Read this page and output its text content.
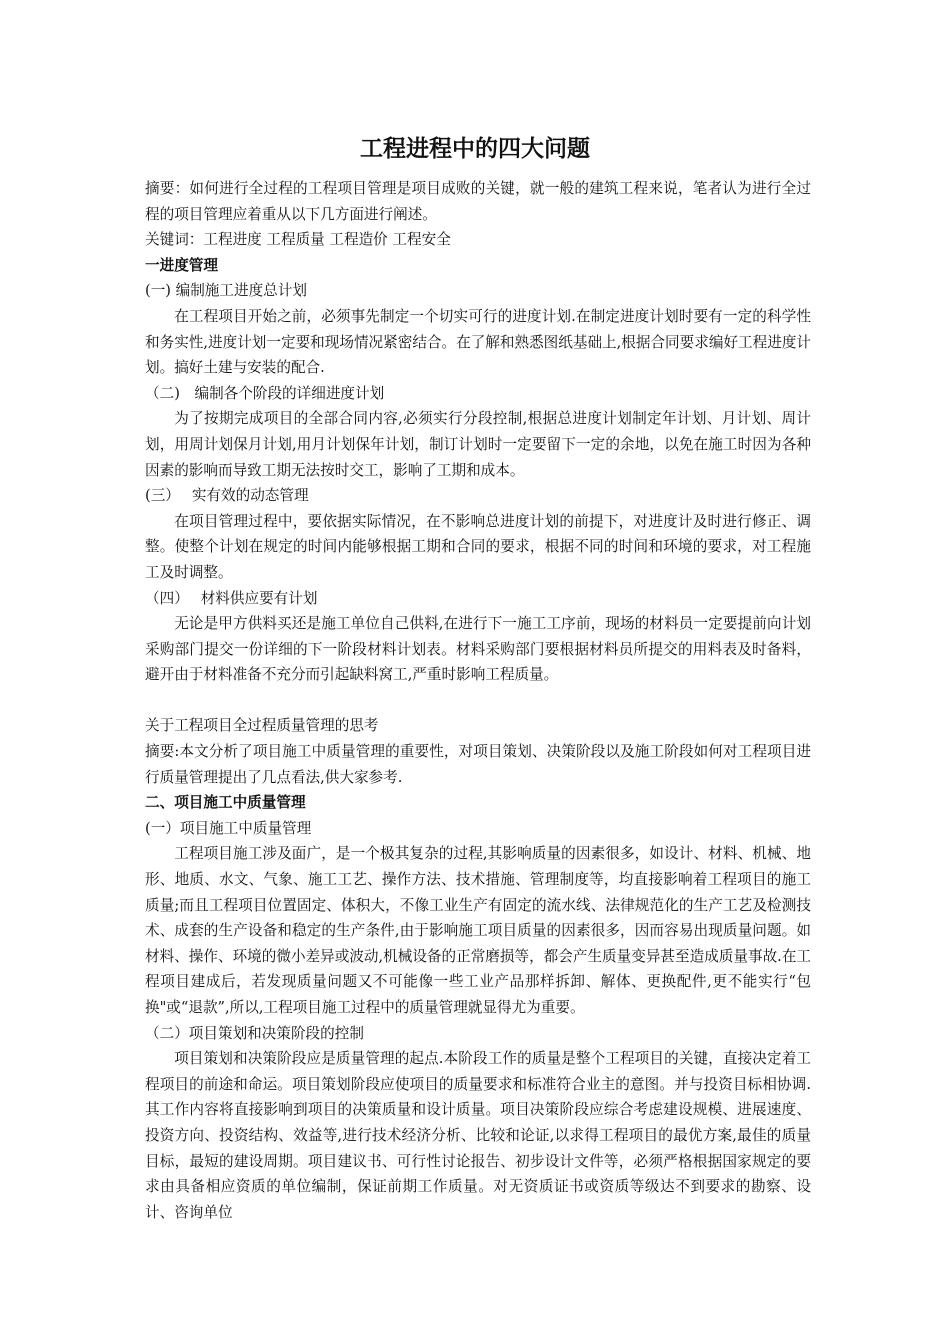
工程进程中的四大问题

摘要：如何进行全过程的工程项目管理是项目成败的关键，就一般的建筑工程来说，笔者认为进行全过程的项目管理应着重从以下几方面进行阐述。

关键词：工程进度 工程质量 工程造价 工程安全

一进度管理

(一) 编制施工进度总计划

在工程项目开始之前，必须事先制定一个切实可行的进度计划.在制定进度计划时要有一定的科学性和务实性,进度计划一定要和现场情况紧密结合。在了解和熟悉图纸基础上,根据合同要求编好工程进度计划。搞好土建与安装的配合.

（二)　编制各个阶段的详细进度计划

为了按期完成项目的全部合同内容,必须实行分段控制,根据总进度计划制定年计划、月计划、周计划，用周计划保月计划,用月计划保年计划，制订计划时一定要留下一定的余地，以免在施工时因为各种因素的影响而导致工期无法按时交工，影响了工期和成本。

(三）　 实有效的动态管理

在项目管理过程中，要依据实际情况，在不影响总进度计划的前提下，对进度计及时进行修正、调整。使整个计划在规定的时间内能够根据工期和合同的要求，根据不同的时间和环境的要求，对工程施工及时调整。

（四）　 材料供应要有计划

无论是甲方供料买还是施工单位自己供料,在进行下一施工工序前，现场的材料员一定要提前向计划采购部门提交一份详细的下一阶段材料计划表。材料采购部门要根据材料员所提交的用料表及时备料，避开由于材料准备不充分而引起缺料窝工,严重时影响工程质量。

关于工程项目全过程质量管理的思考

摘要:本文分析了项目施工中质量管理的重要性，对项目策划、决策阶段以及施工阶段如何对工程项目进行质量管理提出了几点看法,供大家参考.

二、项目施工中质量管理

(一）项目施工中质量管理

工程项目施工涉及面广，是一个极其复杂的过程,其影响质量的因素很多，如设计、材料、机械、地形、地质、水文、气象、施工工艺、操作方法、技术措施、管理制度等，均直接影响着工程项目的施工质量;而且工程项目位置固定、体积大，不像工业生产有固定的流水线、法律规范化的生产工艺及检测技术、成套的生产设备和稳定的生产条件,由于影响施工项目质量的因素很多，因而容易出现质量问题。如材料、操作、环境的微小差异或波动,机械设备的正常磨损等，都会产生质量变异甚至造成质量事故.在工程项目建成后，若发现质量问题又不可能像一些工业产品那样拆卸、解体、更换配件,更不能实行“包换"或“退款”,所以,工程项目施工过程中的质量管理就显得尤为重要。

（二）项目策划和决策阶段的控制

项目策划和决策阶段应是质量管理的起点.本阶段工作的质量是整个工程项目的关键，直接决定着工程项目的前途和命运。项目策划阶段应使项目的质量要求和标准符合业主的意图。并与投资目标相协调.其工作内容将直接影响到项目的决策质量和设计质量。项目决策阶段应综合考虑建设规模、进展速度、投资方向、投资结构、效益等,进行技术经济分析、比较和论证,以求得工程项目的最优方案,最佳的质量目标，最短的建设周期。项目建议书、可行性讨论报告、初步设计文件等，必须严格根据国家规定的要求由具备相应资质的单位编制，保证前期工作质量。对无资质证书或资质等级达不到要求的勘察、设计、咨询单位
